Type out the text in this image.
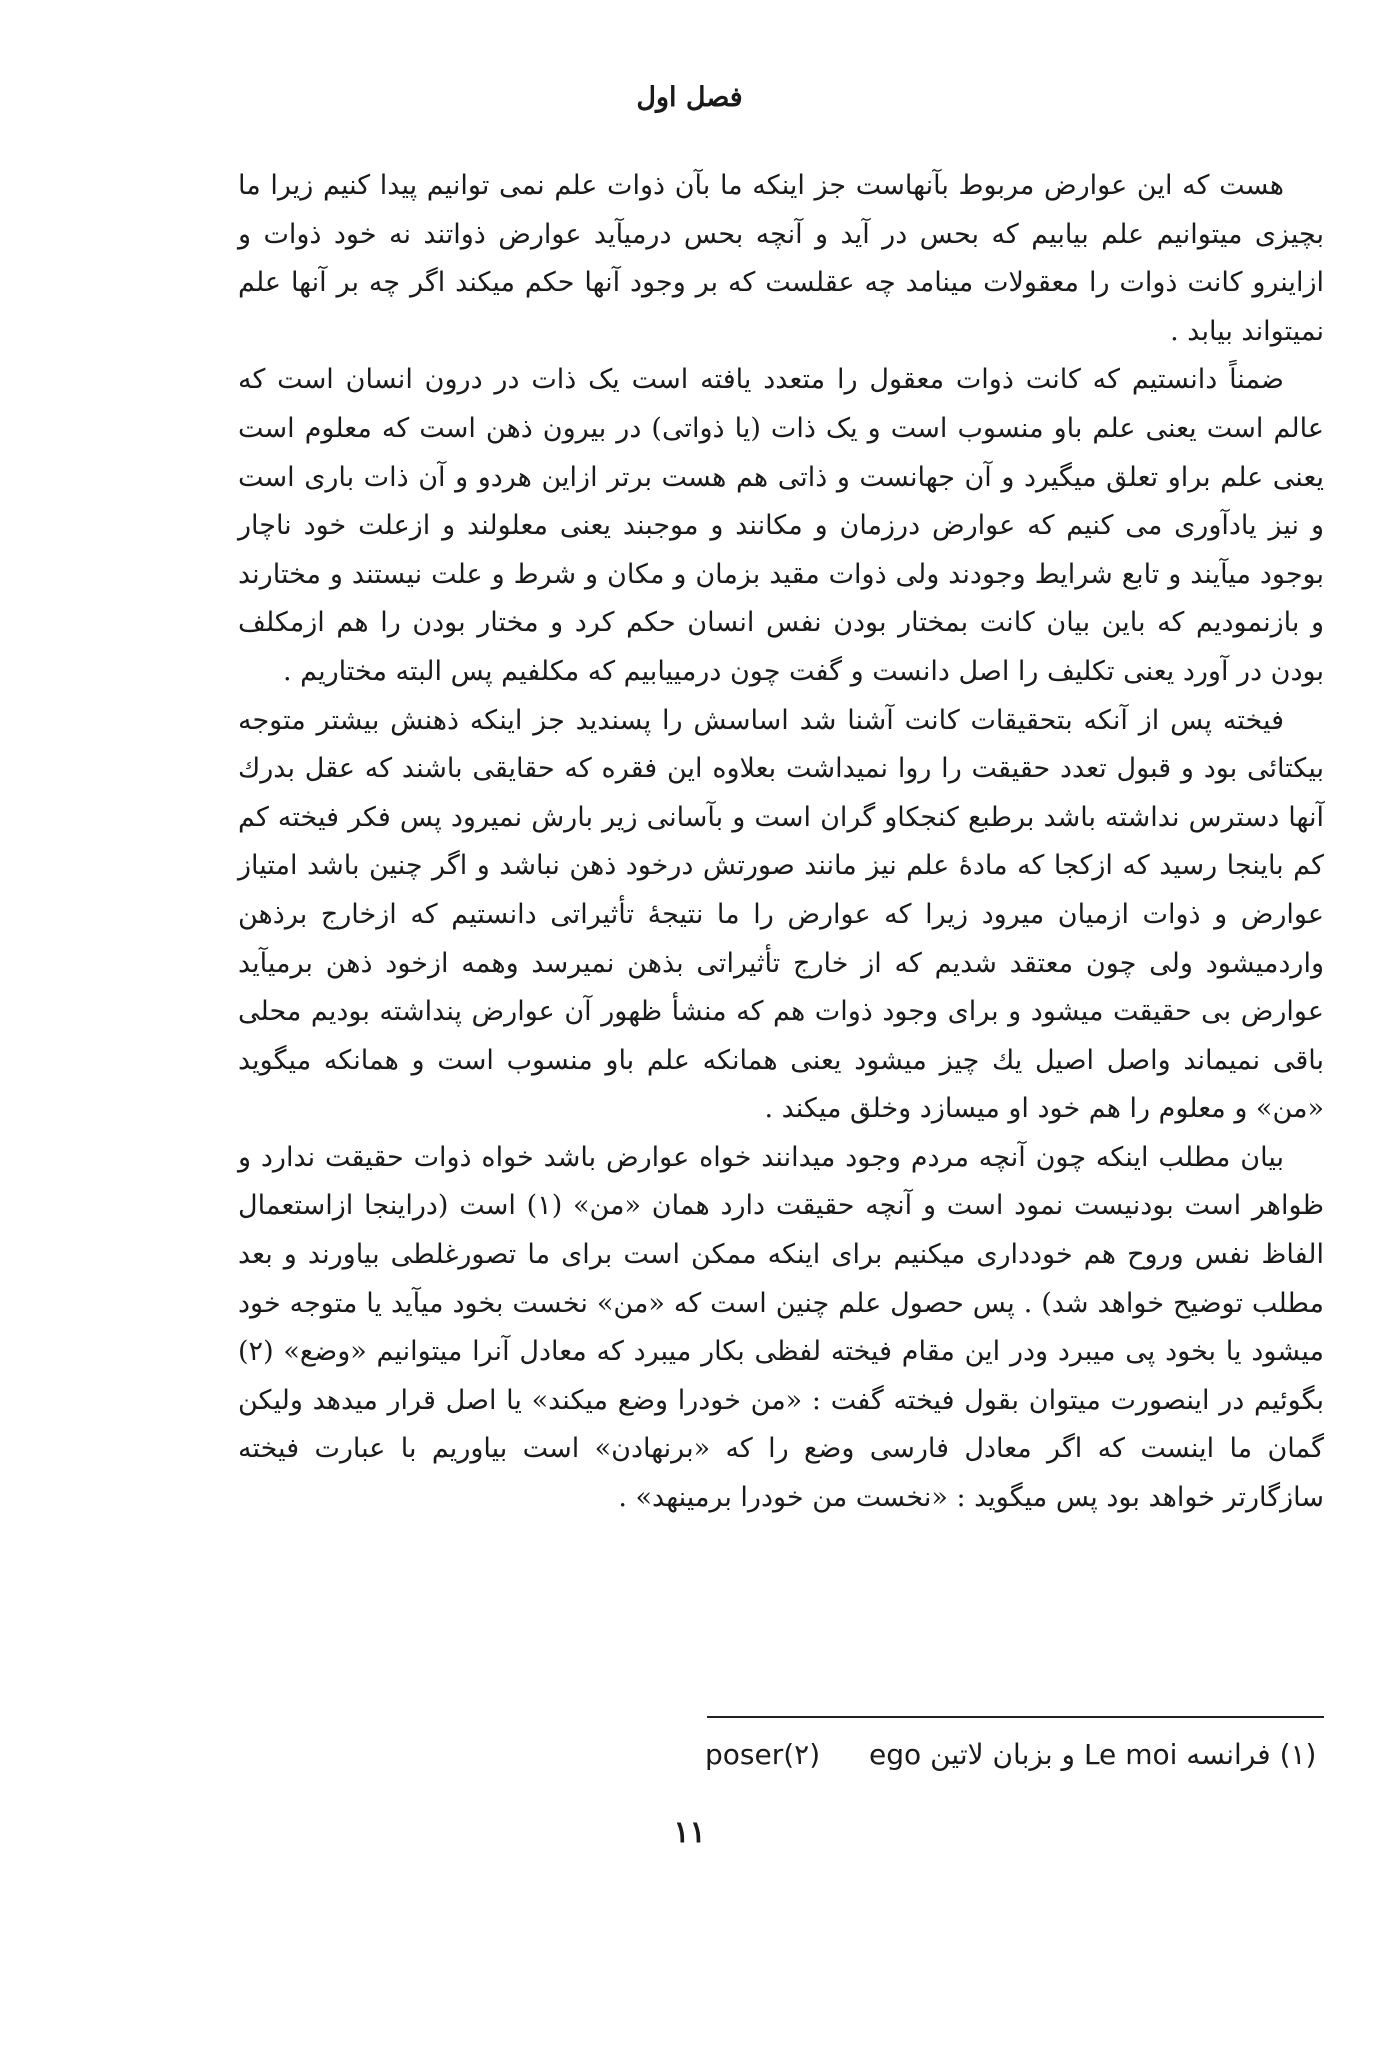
فصل اول

هست که این عوارض مربوط بآنهاست جز اینکه ما بآن ذوات علم نمی توانیم پیدا کنیم زیرا ما بچیزی میتوانیم علم بیابیم که بحس در آید و آنچه بحس درمیآید عوارض ذواتند نه خود ذوات و ازاینرو کانت ذوات را معقولات مینامد چه عقلست که بر وجود آنها حکم میکند اگر چه بر آنها علم نمیتواند بیابد .

ضمناً دانستیم که کانت ذوات معقول را متعدد یافته است یک ذات در درون انسان است که عالم است یعنی علم باو منسوب است و یک ذات (یا ذواتی) در بیرون ذهن است که معلوم است یعنی علم براو تعلق میگیرد و آن جهانست و ذاتی هم هست برتر ازاین هردو و آن ذات باری است و نیز یادآوری می کنیم که عوارض درزمان و مکانند و موجبند یعنی معلولند و ازعلت خود ناچار بوجود میآیند و تابع شرایط وجودند ولی ذوات مقید بزمان و مکان و شرط و علت نیستند و مختارند و بازنمودیم که باین بیان کانت بمختار بودن نفس انسان حکم کرد و مختار بودن را هم ازمکلف بودن در آورد یعنی تکلیف را اصل دانست و گفت چون درمییابیم که مکلفیم پس البته مختاریم .

فیخته پس از آنکه بتحقیقات کانت آشنا شد اساسش را پسندید جز اینکه ذهنش بیشتر متوجه بیکتائی بود و قبول تعدد حقیقت را روا نمیداشت بعلاوه این فقره که حقایقی باشند که عقل بدرك آنها دسترس نداشته باشد برطبع کنجکاو گران است و بآسانی زیر بارش نمیرود پس فکر فیخته کم کم باینجا رسید که ازکجا که مادهٔ علم نیز مانند صورتش درخود ذهن نباشد و اگر چنین باشد امتیاز عوارض و ذوات ازمیان میرود زیرا که عوارض را ما نتیجهٔ تأثیراتی دانستیم که ازخارج برذهن واردمیشود ولی چون معتقد شدیم که از خارج تأثیراتی بذهن نمیرسد وهمه ازخود ذهن برمیآید عوارض بی حقیقت میشود و برای وجود ذوات هم که منشأ ظهور آن عوارض پنداشته بودیم محلی باقی نمیماند واصل اصیل یك چیز میشود یعنی همانکه علم باو منسوب است و همانکه میگوید «من» و معلوم را هم خود او میسازد وخلق میکند .

بیان مطلب اینکه چون آنچه مردم وجود میدانند خواه عوارض باشد خواه ذوات حقیقت ندارد و ظواهر است بودنیست نمود است و آنچه حقیقت دارد همان «من» (۱) است (دراینجا ازاستعمال الفاظ نفس وروح هم خودداری میکنیم برای اینکه ممکن است برای ما تصورغلطی بیاورند و بعد مطلب توضیح خواهد شد) . پس حصول علم چنین است که «من» نخست بخود میآید یا متوجه خود میشود یا بخود پی میبرد ودر این مقام فیخته لفظی بکار میبرد که معادل آنرا میتوانیم «وضع» (۲) بگوئیم در اینصورت میتوان بقول فیخته گفت : «من خودرا وضع میکند» یا اصل قرار میدهد ولیکن گمان ما اینست که اگر معادل فارسی وضع را که «برنهادن» است بیاوریم با عبارت فیخته سازگارتر خواهد بود پس میگوید : «نخست من خودرا برمینهد» .

poser(۲) (۱) فرانسه Le moi و بزبان لاتین ego
۱۱
